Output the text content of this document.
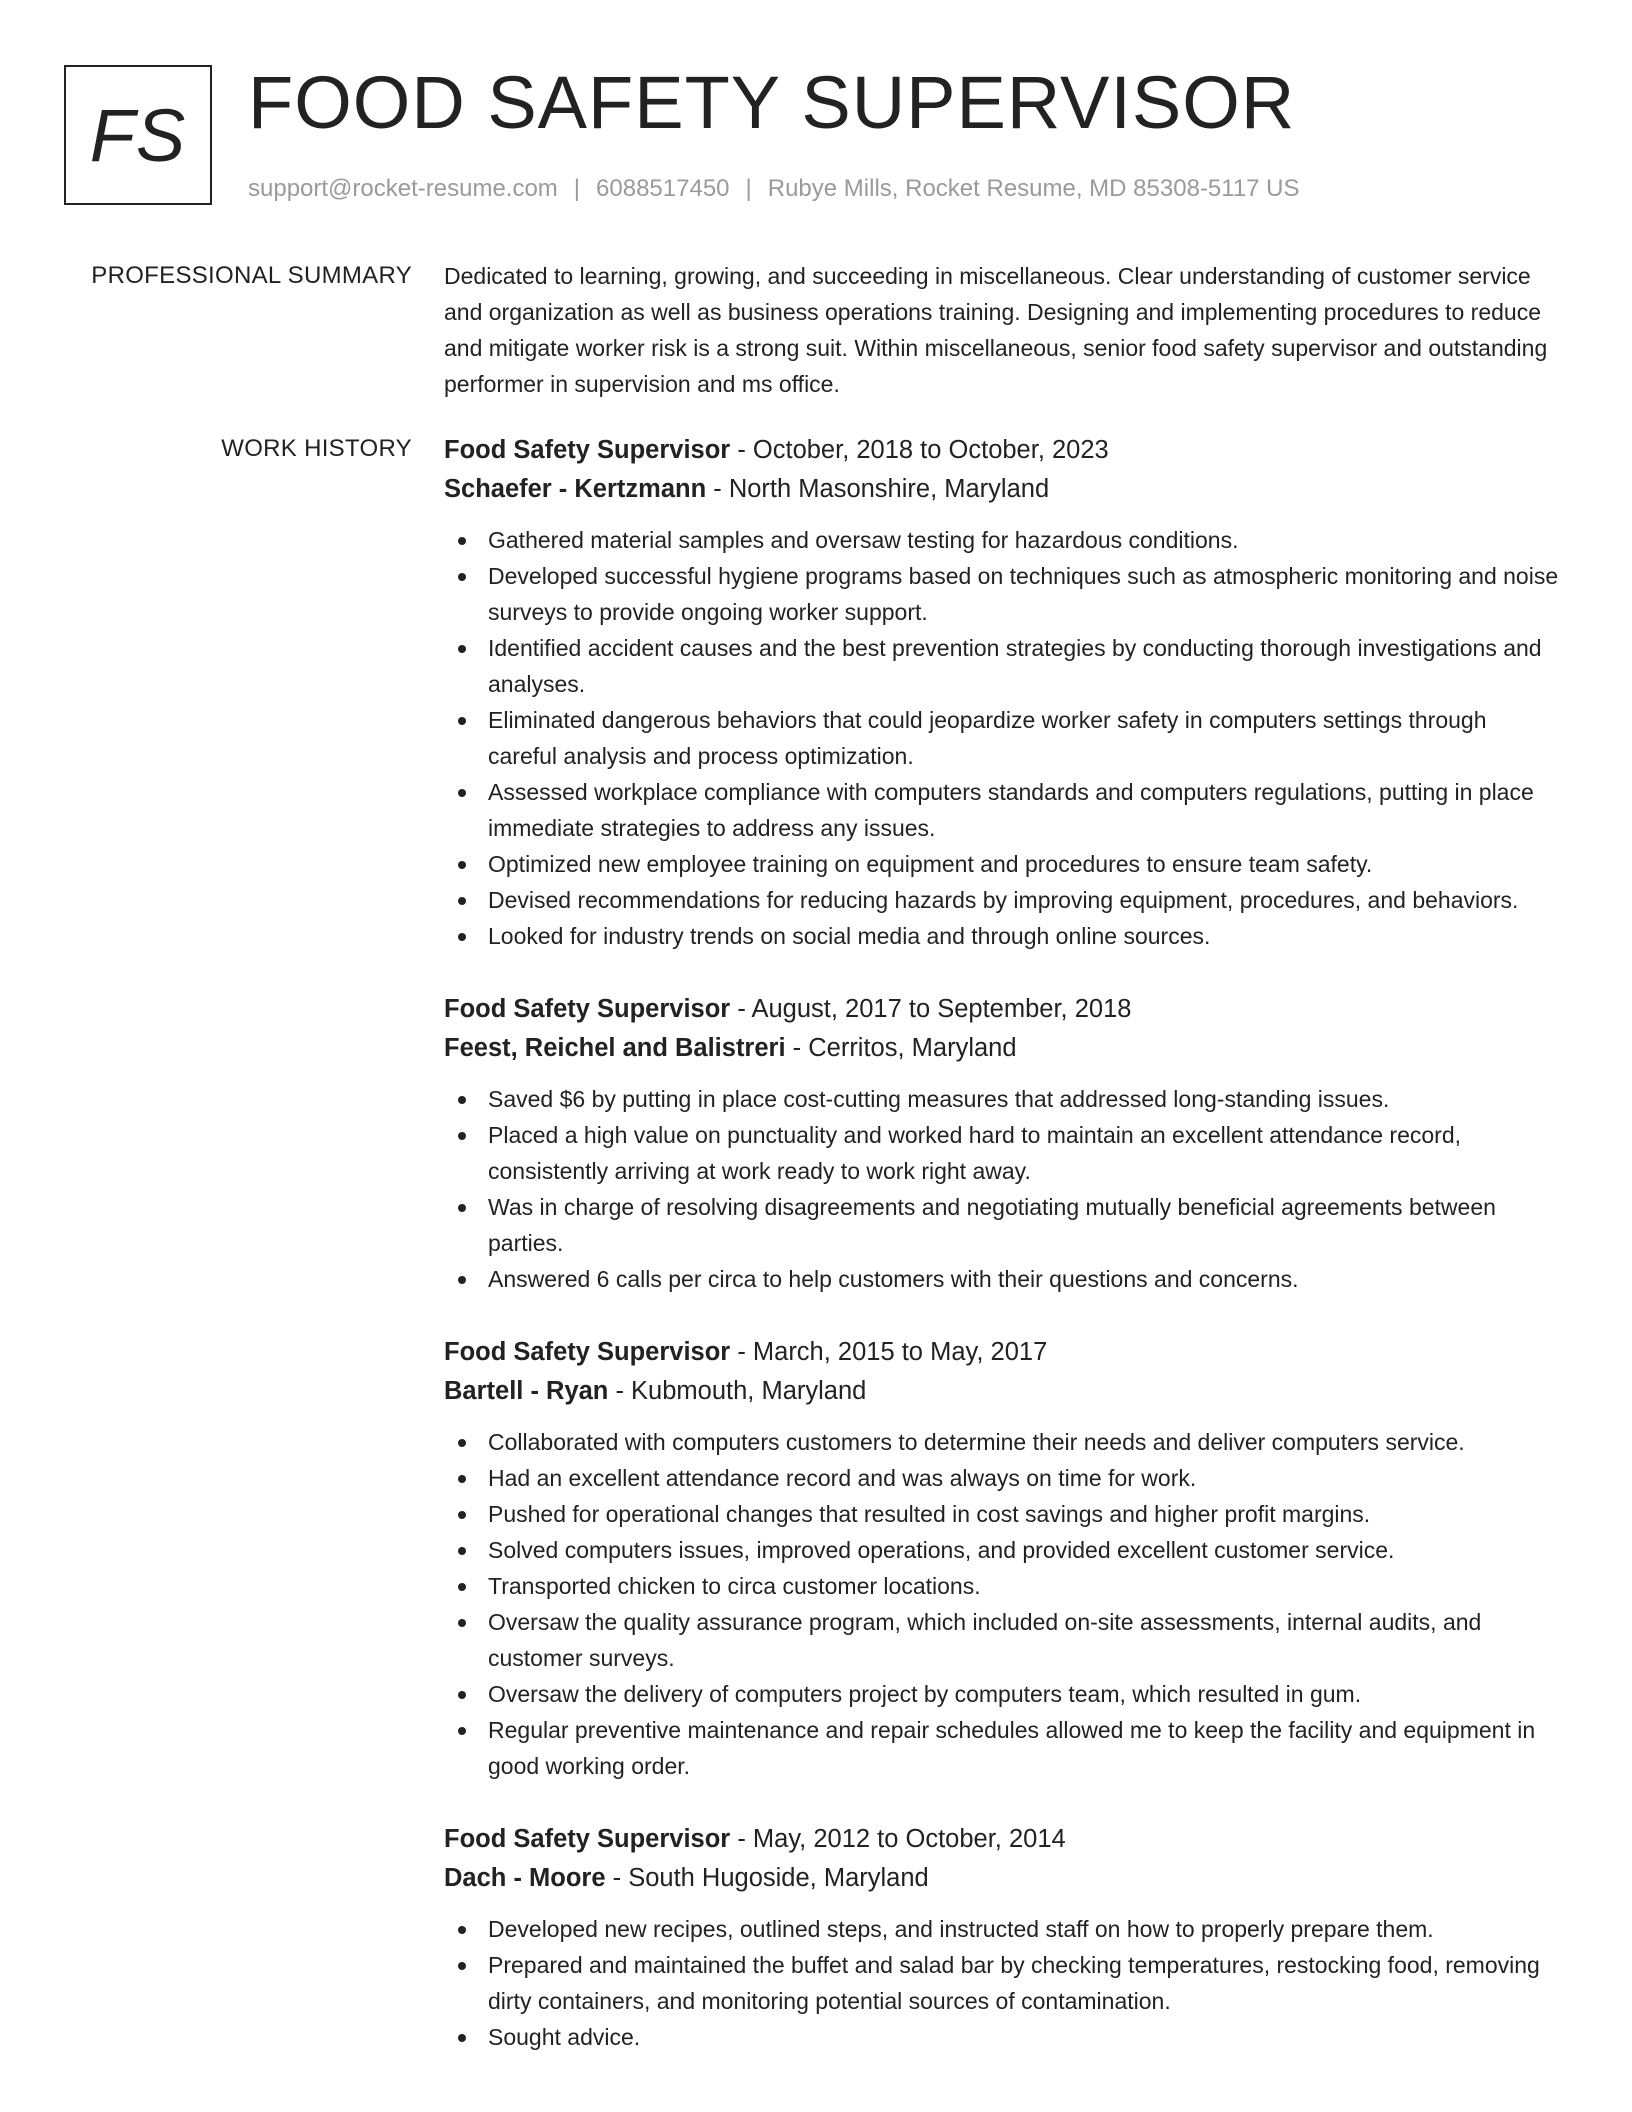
FS FOOD SAFETY SUPERVISOR
support@rocket-resume.com | 6088517450 | Rubye Mills, Rocket Resume, MD 85308-5117 US
PROFESSIONAL SUMMARY Dedicated to learning, growing, and succeeding in miscellaneous. Clear understanding of customer service and organization as well as business operations training. Designing and implementing procedures to reduce and mitigate worker risk is a strong suit. Within miscellaneous, senior food safety supervisor and outstanding performer in supervision and ms office.

WORK HISTORY Food Safety Supervisor - October, 2018 to October, 2023
Schaefer - Kertzmann - North Masonshire, Maryland
Gathered material samples and oversaw testing for hazardous conditions.
Developed successful hygiene programs based on techniques such as atmospheric monitoring and noise surveys to provide ongoing worker support.
Identified accident causes and the best prevention strategies by conducting thorough investigations and analyses.
Eliminated dangerous behaviors that could jeopardize worker safety in computers settings through careful analysis and process optimization.
Assessed workplace compliance with computers standards and computers regulations, putting in place immediate strategies to address any issues.
Optimized new employee training on equipment and procedures to ensure team safety.
Devised recommendations for reducing hazards by improving equipment, procedures, and behaviors.
Looked for industry trends on social media and through online sources.
Food Safety Supervisor - August, 2017 to September, 2018
Feest, Reichel and Balistreri - Cerritos, Maryland
Saved $6 by putting in place cost-cutting measures that addressed long-standing issues.
Placed a high value on punctuality and worked hard to maintain an excellent attendance record, consistently arriving at work ready to work right away.
Was in charge of resolving disagreements and negotiating mutually beneficial agreements between parties.
Answered 6 calls per circa to help customers with their questions and concerns.
Food Safety Supervisor - March, 2015 to May, 2017
Bartell - Ryan - Kubmouth, Maryland
Collaborated with computers customers to determine their needs and deliver computers service.
Had an excellent attendance record and was always on time for work.
Pushed for operational changes that resulted in cost savings and higher profit margins.
Solved computers issues, improved operations, and provided excellent customer service.
Transported chicken to circa customer locations.
Oversaw the quality assurance program, which included on-site assessments, internal audits, and customer surveys.
Oversaw the delivery of computers project by computers team, which resulted in gum.
Regular preventive maintenance and repair schedules allowed me to keep the facility and equipment in good working order.
Food Safety Supervisor - May, 2012 to October, 2014
Dach - Moore - South Hugoside, Maryland
Developed new recipes, outlined steps, and instructed staff on how to properly prepare them.
Prepared and maintained the buffet and salad bar by checking temperatures, restocking food, removing dirty containers, and monitoring potential sources of contamination.
Sought advice.
